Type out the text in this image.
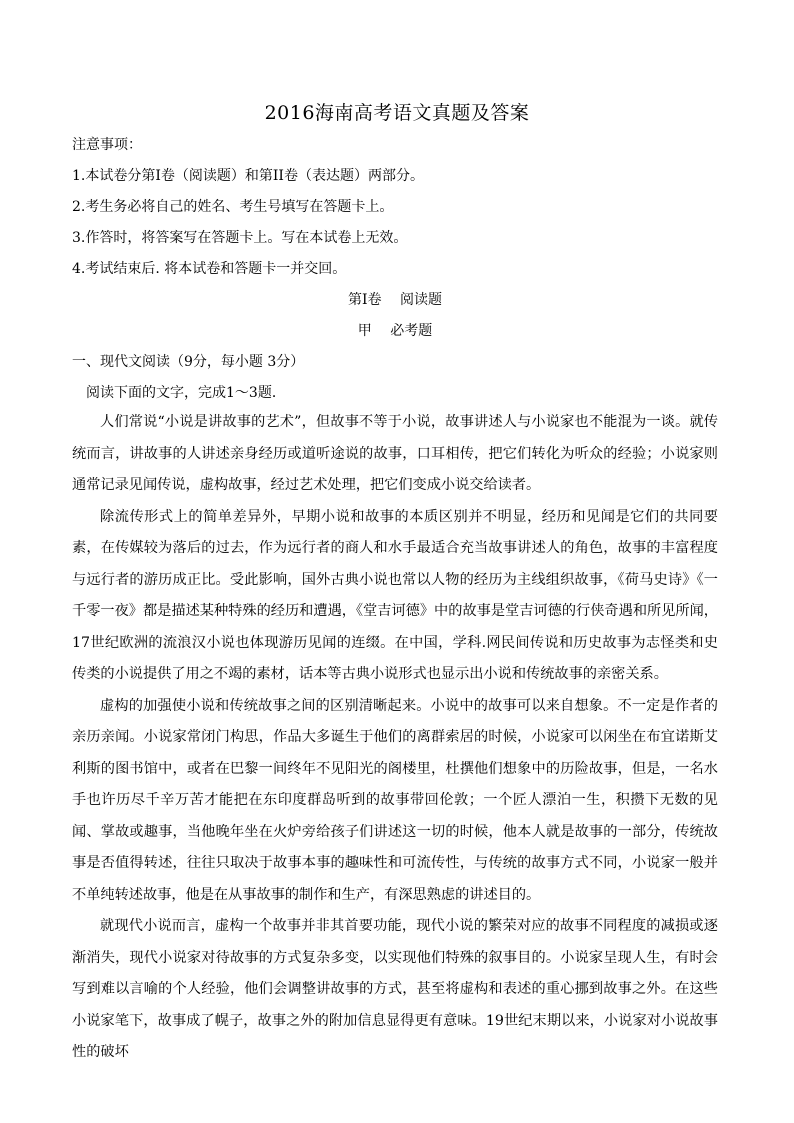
2016海南高考语文真题及答案
注意事项：
1.本试卷分第Ⅰ卷（阅读题）和第II卷（表达题）两部分。
2.考生务必将自己的姓名、考生号填写在答题卡上。
3.作答时，将答案写在答题卡上。写在本试卷上无效。
4.考试结束后. 将本试卷和答题卡一并交回。
第Ⅰ卷　 阅读题
甲　 必考题
一、现代文阅读（9分，每小题 3分）
阅读下面的文字，完成1～3题．

人们常说“小说是讲故事的艺术”，但故事不等于小说，故事讲述人与小说家也不能混为一谈。就传统而言，讲故事的人讲述亲身经历或道听途说的故事，口耳相传，把它们转化为听众的经验；小说家则通常记录见闻传说，虚构故事，经过艺术处理，把它们变成小说交给读者。

除流传形式上的简单差异外，早期小说和故事的本质区别并不明显，经历和见闻是它们的共同要素，在传媒较为落后的过去，作为远行者的商人和水手最适合充当故事讲述人的角色，故事的丰富程度与远行者的游历成正比。受此影响，国外古典小说也常以人物的经历为主线组织故事，《荷马史诗》《一千零一夜》都是描述某种特殊的经历和遭遇，《堂吉诃德》中的故事是堂吉诃德的行侠奇遇和所见所闻，17世纪欧洲的流浪汉小说也体现游历见闻的连缀。在中国，学科.网民间传说和历史故事为志怪类和史传类的小说提供了用之不竭的素材，话本等古典小说形式也显示出小说和传统故事的亲密关系。

虚构的加强使小说和传统故事之间的区别清晰起来。小说中的故事可以来自想象。不一定是作者的亲历亲闻。小说家常闭门构思，作品大多诞生于他们的离群索居的时候，小说家可以闲坐在布宜诺斯艾利斯的图书馆中，或者在巴黎一间终年不见阳光的阁楼里，杜撰他们想象中的历险故事，但是，一名水手也许历尽千辛万苦才能把在东印度群岛听到的故事带回伦敦；一个匠人漂泊一生，积攒下无数的见闻、掌故或趣事，当他晚年坐在火炉旁给孩子们讲述这一切的时候，他本人就是故事的一部分，传统故事是否值得转述，往往只取决于故事本事的趣味性和可流传性，与传统的故事方式不同，小说家一般并不单纯转述故事，他是在从事故事的制作和生产，有深思熟虑的讲述目的。

就现代小说而言，虚构一个故事并非其首要功能，现代小说的繁荣对应的故事不同程度的减损或逐渐消失，现代小说家对待故事的方式复杂多变，以实现他们特殊的叙事目的。小说家呈现人生，有时会写到难以言喻的个人经验，他们会调整讲故事的方式，甚至将虚构和表述的重心挪到故事之外。在这些小说家笔下，故事成了幌子，故事之外的附加信息显得更有意味。19世纪末期以来，小说家对小说故事性的破坏
